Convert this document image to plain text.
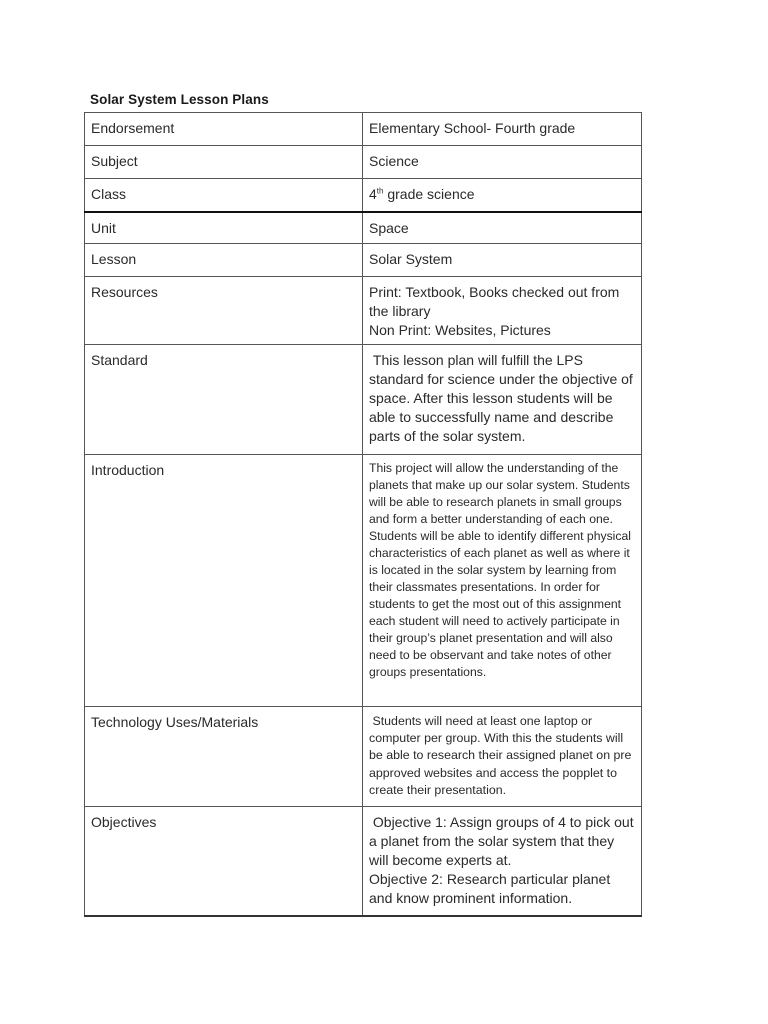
Solar System Lesson Plans
Endorsement	Elementary School- Fourth grade

Subject	Science

Class	4th grade science

Unit	Space

Lesson	Solar System

Resources	Print: Textbook, Books checked out from the library
Non Print: Websites, Pictures

Standard	This lesson plan will fulfill the LPS standard for science under the objective of space. After this lesson students will be able to successfully name and describe parts of the solar system.

Introduction	This project will allow the understanding of the planets that make up our solar system. Students will be able to research planets in small groups and form a better understanding of each one. Students will be able to identify different physical characteristics of each planet as well as where it is located in the solar system by learning from their classmates presentations. In order for students to get the most out of this assignment each student will need to actively participate in their group’s planet presentation and will also need to be observant and take notes of other groups presentations.

Technology Uses/Materials	Students will need at least one laptop or computer per group. With this the students will be able to research their assigned planet on pre approved websites and access the popplet to create their presentation.

Objectives	Objective 1: Assign groups of 4 to pick out a planet from the solar system that they will become experts at.
Objective 2: Research particular planet and know prominent information.
